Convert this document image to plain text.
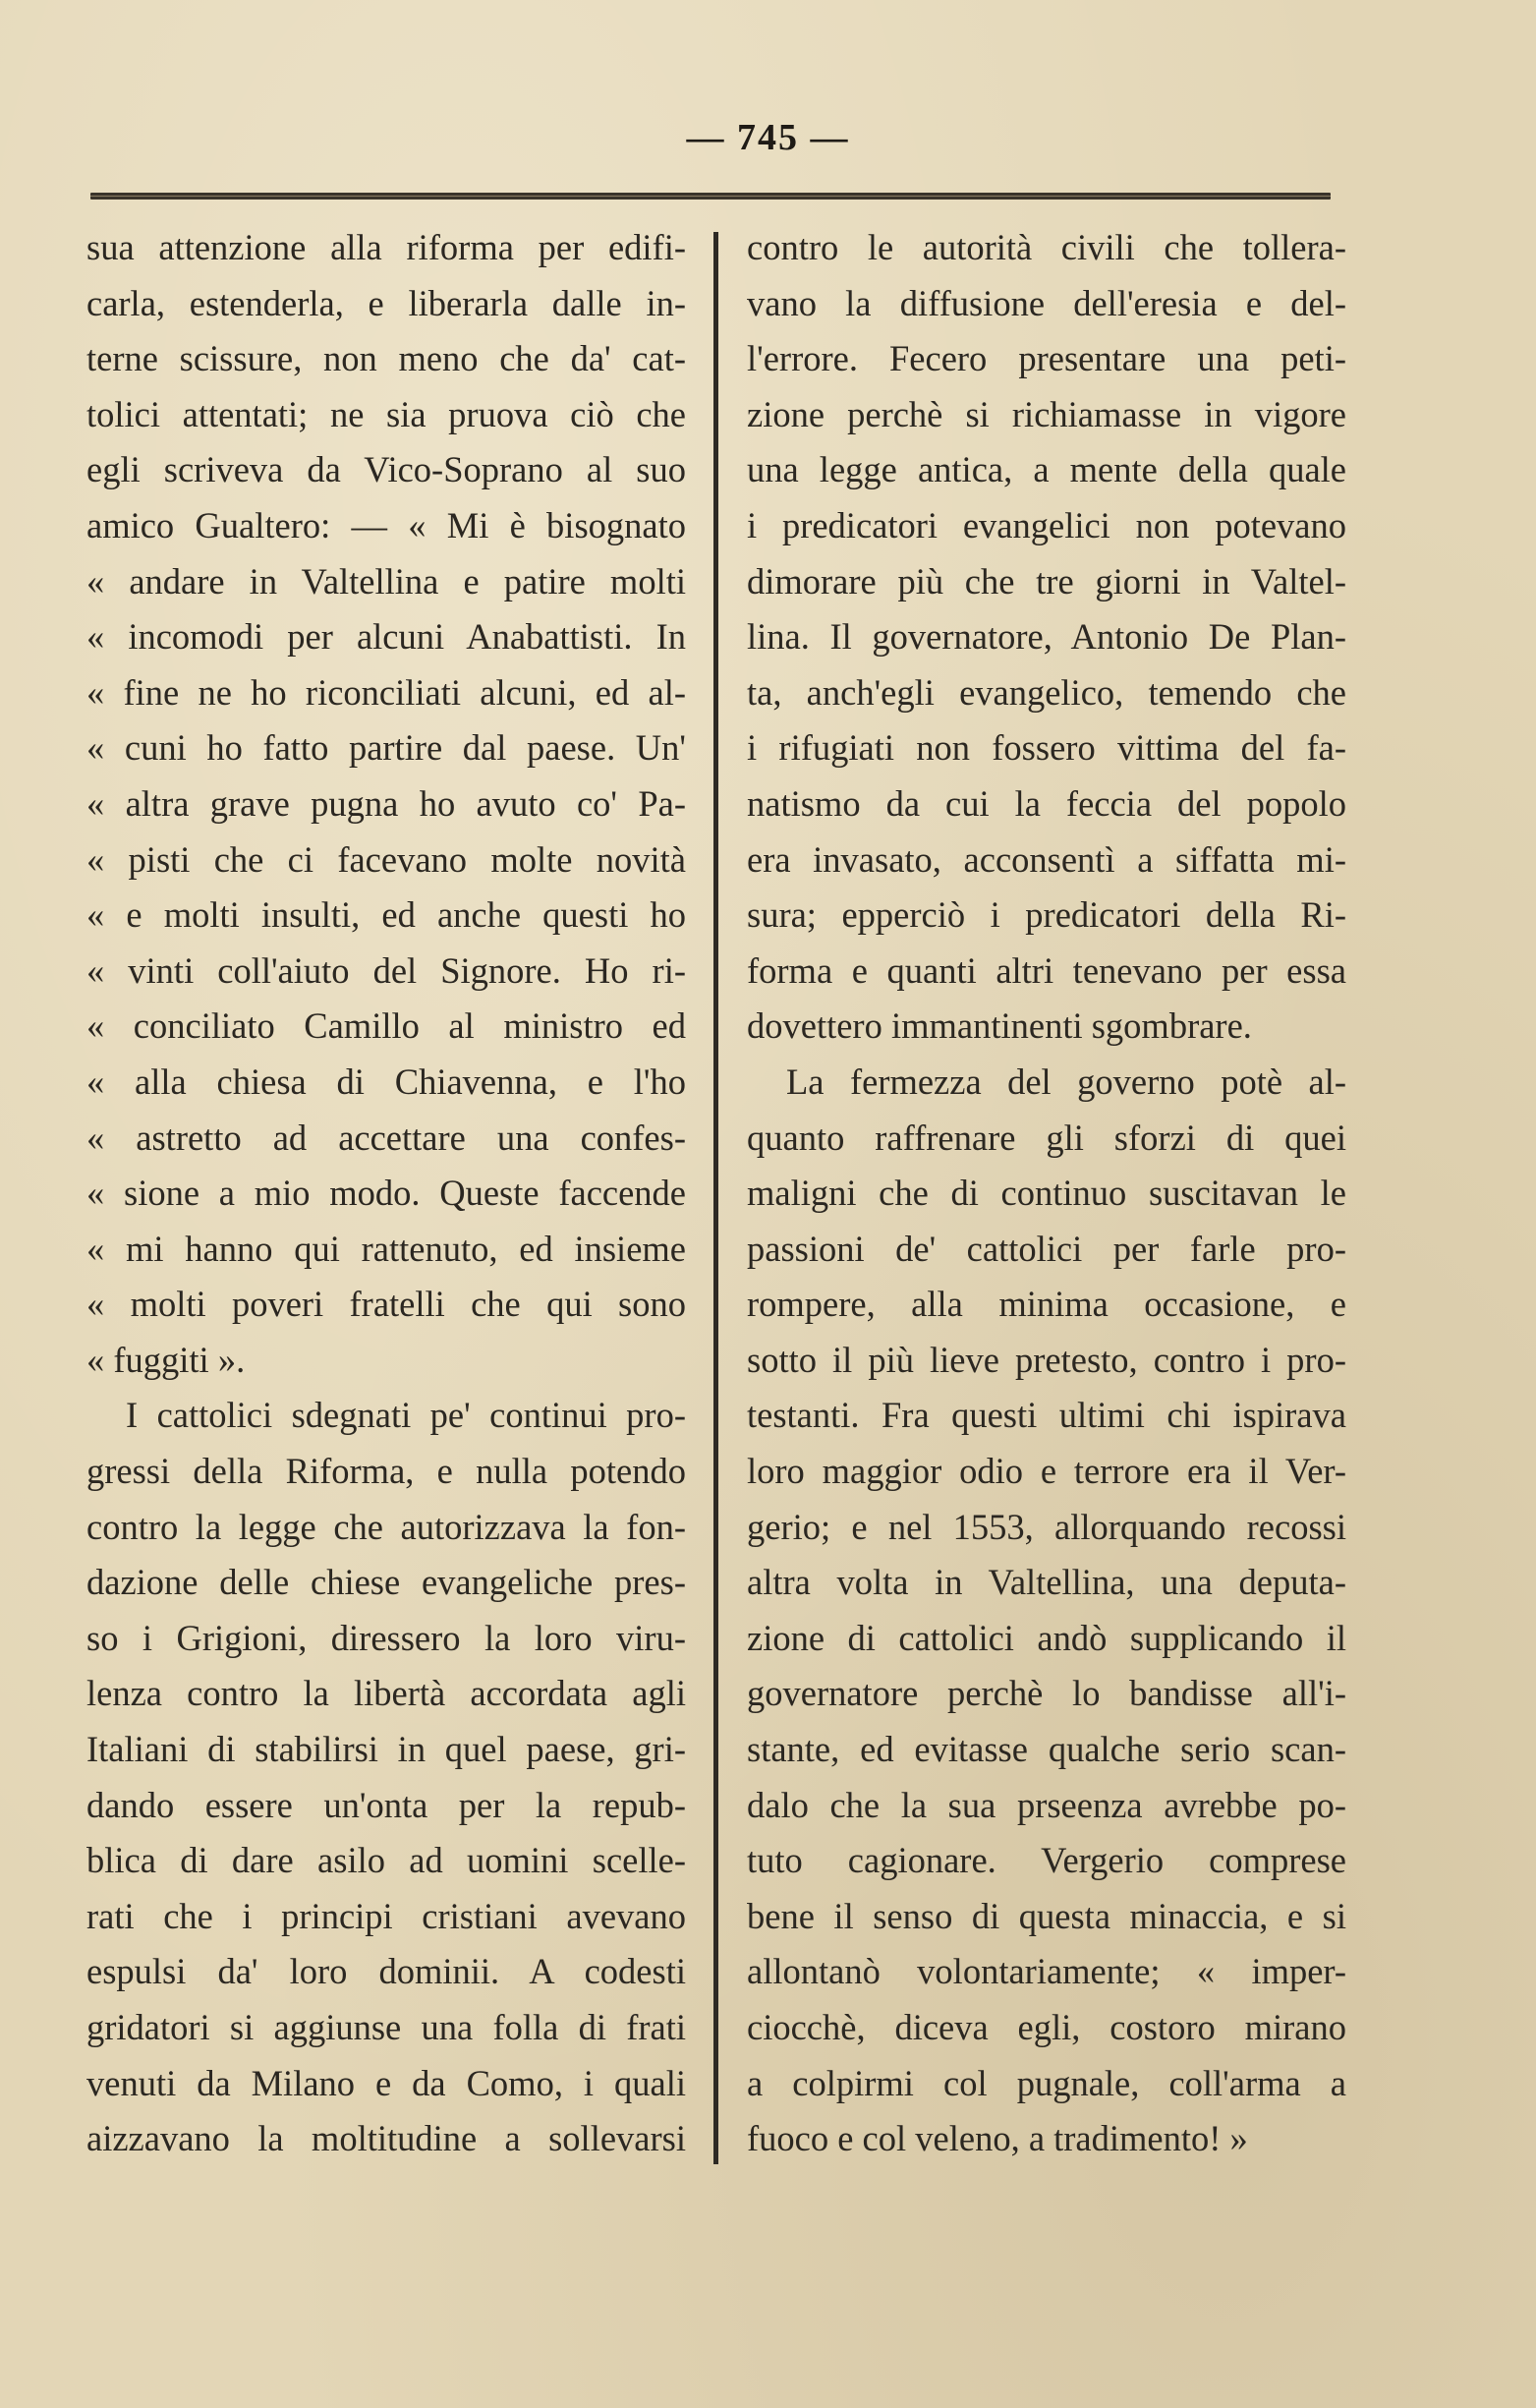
— 745 —
sua attenzione alla riforma per edifi-
carla, estenderla, e liberarla dalle in-
terne scissure, non meno che da' cat-
tolici attentati; ne sia pruova ciò che
egli scriveva da Vico-Soprano al suo
amico Gualtero: — « Mi è bisognato
« andare in Valtellina e patire molti
« incomodi per alcuni Anabattisti. In
« fine ne ho riconciliati alcuni, ed al-
« cuni ho fatto partire dal paese. Un'
« altra grave pugna ho avuto co' Pa-
« pisti che ci facevano molte novità
« e molti insulti, ed anche questi ho
« vinti coll'aiuto del Signore. Ho ri-
« conciliato Camillo al ministro ed
« alla chiesa di Chiavenna, e l'ho
« astretto ad accettare una confes-
« sione a mio modo. Queste faccende
« mi hanno qui rattenuto, ed insieme
« molti poveri fratelli che qui sono
« fuggiti ».
I cattolici sdegnati pe' continui pro-
gressi della Riforma, e nulla potendo
contro la legge che autorizzava la fon-
dazione delle chiese evangeliche pres-
so i Grigioni, diressero la loro viru-
lenza contro la libertà accordata agli
Italiani di stabilirsi in quel paese, gri-
dando essere un'onta per la repub-
blica di dare asilo ad uomini scelle-
rati che i principi cristiani avevano
espulsi da' loro dominii. A codesti
gridatori si aggiunse una folla di frati
venuti da Milano e da Como, i quali
aizzavano la moltitudine a sollevarsi
contro le autorità civili che tollera-
vano la diffusione dell'eresia e del-
l'errore. Fecero presentare una peti-
zione perchè si richiamasse in vigore
una legge antica, a mente della quale
i predicatori evangelici non potevano
dimorare più che tre giorni in Valtel-
lina. Il governatore, Antonio De Plan-
ta, anch'egli evangelico, temendo che
i rifugiati non fossero vittima del fa-
natismo da cui la feccia del popolo
era invasato, acconsentì a siffatta mi-
sura; epperciò i predicatori della Ri-
forma e quanti altri tenevano per essa
dovettero immantinenti sgombrare.
La fermezza del governo potè al-
quanto raffrenare gli sforzi di quei
maligni che di continuo suscitavan le
passioni de' cattolici per farle pro-
rompere, alla minima occasione, e
sotto il più lieve pretesto, contro i pro-
testanti. Fra questi ultimi chi ispirava
loro maggior odio e terrore era il Ver-
gerio; e nel 1553, allorquando recossi
altra volta in Valtellina, una deputa-
zione di cattolici andò supplicando il
governatore perchè lo bandisse all'i-
stante, ed evitasse qualche serio scan-
dalo che la sua prseenza avrebbe po-
tuto cagionare. Vergerio comprese
bene il senso di questa minaccia, e si
allontanò volontariamente; « imper-
ciocchè, diceva egli, costoro mirano
a colpirmi col pugnale, coll'arma a
fuoco e col veleno, a tradimento! »
